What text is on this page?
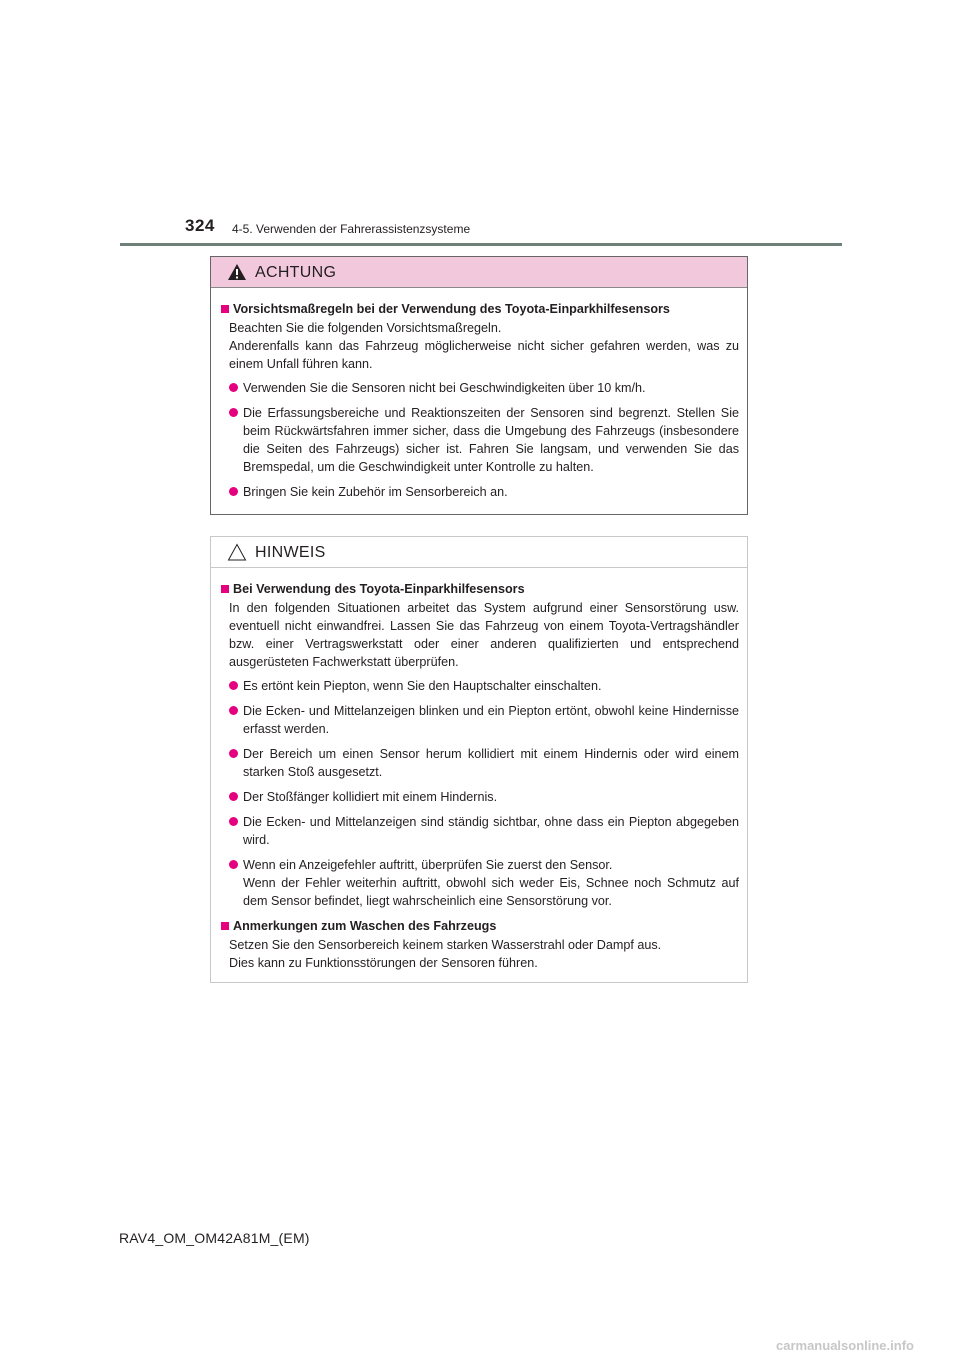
324 4-5. Verwenden der Fahrerassistenzsysteme
ACHTUNG
Vorsichtsmaßregeln bei der Verwendung des Toyota-Einparkhilfesensors
Beachten Sie die folgenden Vorsichtsmaßregeln.
Anderenfalls kann das Fahrzeug möglicherweise nicht sicher gefahren werden, was zu einem Unfall führen kann.
Verwenden Sie die Sensoren nicht bei Geschwindigkeiten über 10 km/h.
Die Erfassungsbereiche und Reaktionszeiten der Sensoren sind begrenzt. Stellen Sie beim Rückwärtsfahren immer sicher, dass die Umgebung des Fahrzeugs (insbesondere die Seiten des Fahrzeugs) sicher ist. Fahren Sie langsam, und verwenden Sie das Bremspedal, um die Geschwindigkeit unter Kontrolle zu halten.
Bringen Sie kein Zubehör im Sensorbereich an.
HINWEIS
Bei Verwendung des Toyota-Einparkhilfesensors
In den folgenden Situationen arbeitet das System aufgrund einer Sensorstörung usw. eventuell nicht einwandfrei. Lassen Sie das Fahrzeug von einem Toyota-Vertragshändler bzw. einer Vertragswerkstatt oder einer anderen qualifizierten und entsprechend ausgerüsteten Fachwerkstatt überprüfen.
Es ertönt kein Piepton, wenn Sie den Hauptschalter einschalten.
Die Ecken- und Mittelanzeigen blinken und ein Piepton ertönt, obwohl keine Hindernisse erfasst werden.
Der Bereich um einen Sensor herum kollidiert mit einem Hindernis oder wird einem starken Stoß ausgesetzt.
Der Stoßfänger kollidiert mit einem Hindernis.
Die Ecken- und Mittelanzeigen sind ständig sichtbar, ohne dass ein Piepton abgegeben wird.
Wenn ein Anzeigefehler auftritt, überprüfen Sie zuerst den Sensor.
Wenn der Fehler weiterhin auftritt, obwohl sich weder Eis, Schnee noch Schmutz auf dem Sensor befindet, liegt wahrscheinlich eine Sensorstörung vor.
Anmerkungen zum Waschen des Fahrzeugs
Setzen Sie den Sensorbereich keinem starken Wasserstrahl oder Dampf aus.
Dies kann zu Funktionsstörungen der Sensoren führen.
RAV4_OM_OM42A81M_(EM)
carmanualsonline.info
